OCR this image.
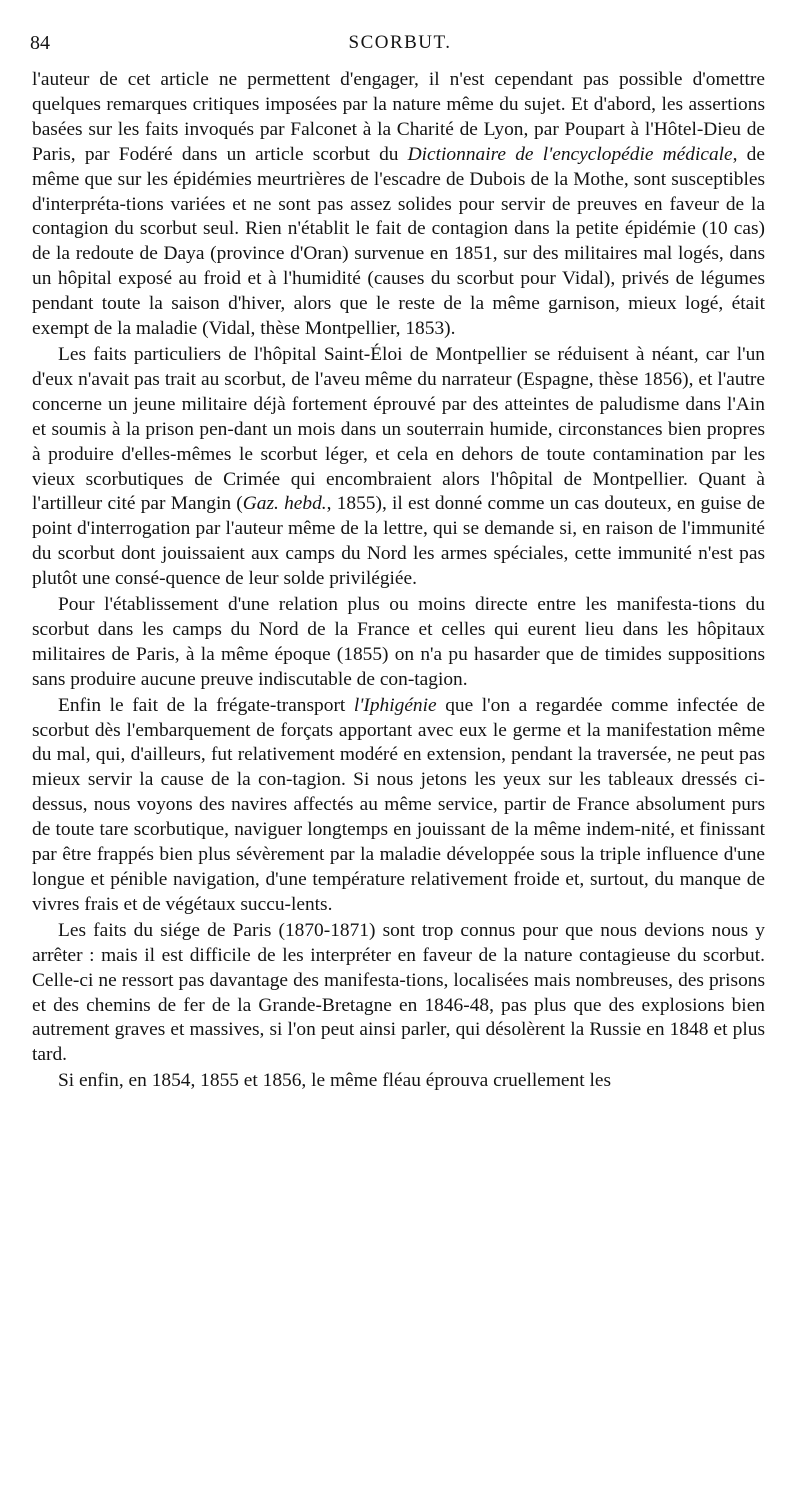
84	SCORBUT.

l'auteur de cet article ne permettent d'engager, il n'est cependant pas possible d'omettre quelques remarques critiques imposées par la nature même du sujet. Et d'abord, les assertions basées sur les faits invoqués par Falconet à la Charité de Lyon, par Poupart à l'Hôtel-Dieu de Paris, par Fodéré dans un article scorbut du Dictionnaire de l'encyclopédie médicale, de même que sur les épidémies meurtrières de l'escadre de Dubois de la Mothe, sont susceptibles d'interpréta-tions variées et ne sont pas assez solides pour servir de preuves en faveur de la contagion du scorbut seul. Rien n'établit le fait de contagion dans la petite épidémie (10 cas) de la redoute de Daya (province d'Oran) survenue en 1851, sur des militaires mal logés, dans un hôpital exposé au froid et à l'humidité (causes du scorbut pour Vidal), privés de légumes pendant toute la saison d'hiver, alors que le reste de la même garnison, mieux logé, était exempt de la maladie (Vidal, thèse Montpellier, 1853).

Les faits particuliers de l'hôpital Saint-Éloi de Montpellier se réduisent à néant, car l'un d'eux n'avait pas trait au scorbut, de l'aveu même du narrateur (Espagne, thèse 1856), et l'autre concerne un jeune militaire déjà fortement éprouvé par des atteintes de paludisme dans l'Ain et soumis à la prison pen-dant un mois dans un souterrain humide, circonstances bien propres à produire d'elles-mêmes le scorbut léger, et cela en dehors de toute contamination par les vieux scorbutiques de Crimée qui encombraient alors l'hôpital de Montpellier. Quant à l'artilleur cité par Mangin (Gaz. hebd., 1855), il est donné comme un cas douteux, en guise de point d'interrogation par l'auteur même de la lettre, qui se demande si, en raison de l'immunité du scorbut dont jouissaient aux camps du Nord les armes spéciales, cette immunité n'est pas plutôt une consé-quence de leur solde privilégiée.

Pour l'établissement d'une relation plus ou moins directe entre les manifesta-tions du scorbut dans les camps du Nord de la France et celles qui eurent lieu dans les hôpitaux militaires de Paris, à la même époque (1855) on n'a pu hasarder que de timides suppositions sans produire aucune preuve indiscutable de con-tagion.

Enfin le fait de la frégate-transport l'Iphigénie que l'on a regardée comme infectée de scorbut dès l'embarquement de forçats apportant avec eux le germe et la manifestation même du mal, qui, d'ailleurs, fut relativement modéré en extension, pendant la traversée, ne peut pas mieux servir la cause de la con-tagion. Si nous jetons les yeux sur les tableaux dressés ci-dessus, nous voyons des navires affectés au même service, partir de France absolument purs de toute tare scorbutique, naviguer longtemps en jouissant de la même indem-nité, et finissant par être frappés bien plus sévèrement par la maladie développée sous la triple influence d'une longue et pénible navigation, d'une température relativement froide et, surtout, du manque de vivres frais et de végétaux succu-lents.

Les faits du siége de Paris (1870-1871) sont trop connus pour que nous devions nous y arrêter : mais il est difficile de les interpréter en faveur de la nature contagieuse du scorbut. Celle-ci ne ressort pas davantage des manifesta-tions, localisées mais nombreuses, des prisons et des chemins de fer de la Grande-Bretagne en 1846-48, pas plus que des explosions bien autrement graves et massives, si l'on peut ainsi parler, qui désolèrent la Russie en 1848 et plus tard.

Si enfin, en 1854, 1855 et 1856, le même fléau éprouva cruellement les
